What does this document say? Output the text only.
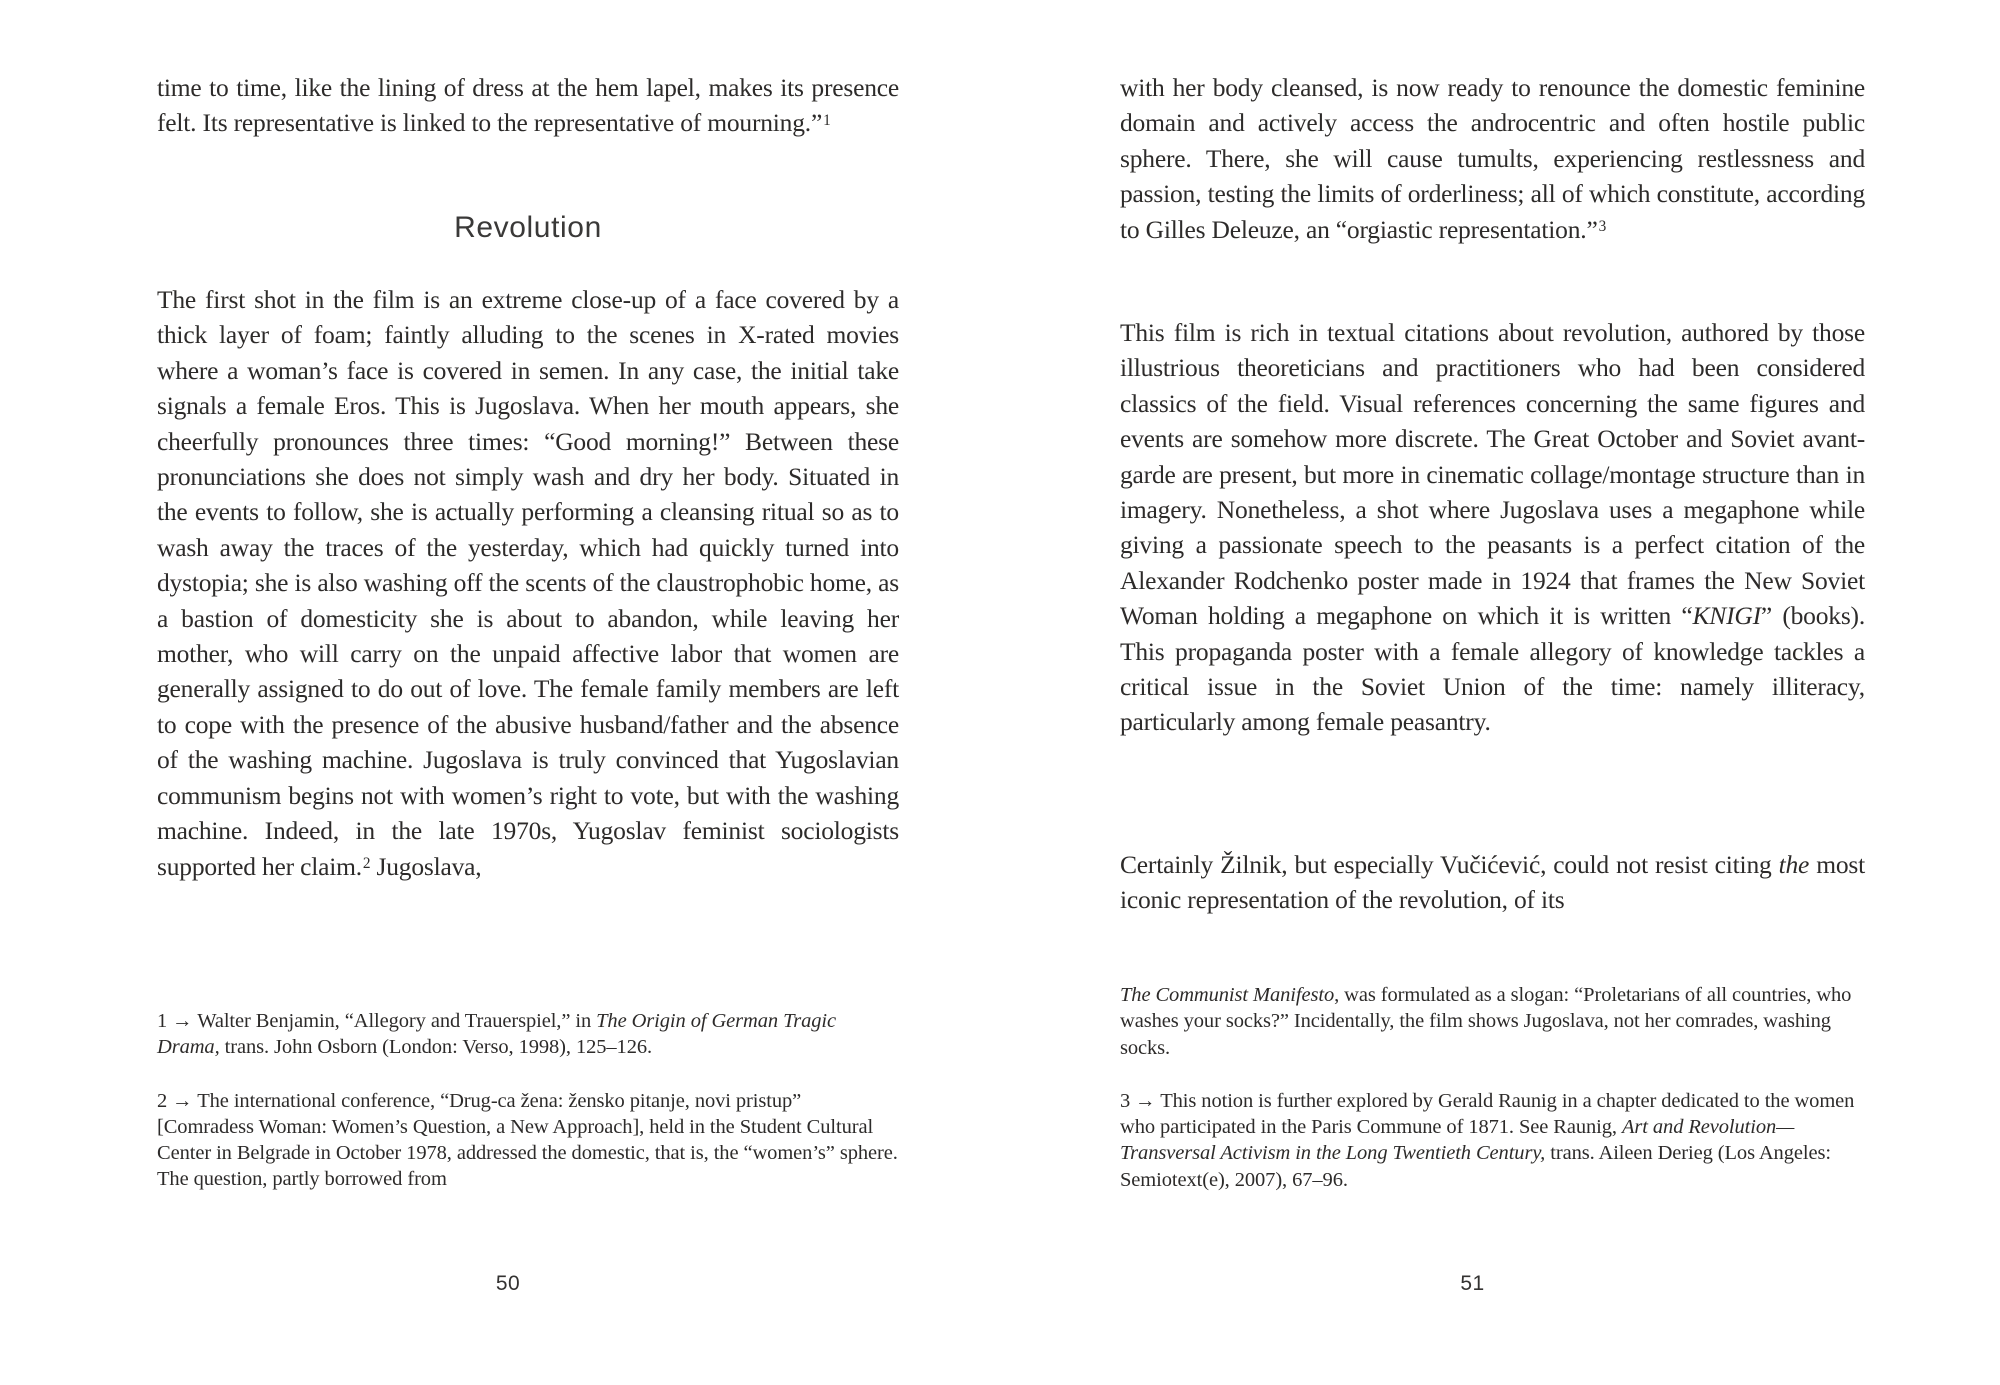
time to time, like the lining of dress at the hem lapel, makes its presence felt. Its representative is linked to the representative of mourning.”$^1$

Revolution

The first shot in the film is an extreme close-up of a face covered by a thick layer of foam; faintly alluding to the scenes in X-rated movies where a woman’s face is covered in semen. In any case, the initial take signals a female Eros. This is Jugoslava. When her mouth appears, she cheerfully pronounces three times: “Good morning!” Between these pronunciations she does not simply wash and dry her body. Situated in the events to follow, she is actually performing a cleansing ritual so as to wash away the traces of the yesterday, which had quickly turned into dystopia; she is also washing off the scents of the claustrophobic home, as a bastion of domesticity she is about to abandon, while leaving her mother, who will carry on the unpaid affective labor that women are generally assigned to do out of love. The female family members are left to cope with the presence of the abusive husband/father and the absence of the washing machine. Jugoslava is truly convinced that Yugoslavian communism begins not with women’s right to vote, but with the washing machine. Indeed, in the late 1970s, Yugoslav feminist sociologists supported her claim.$^2$ Jugoslava,

1 → Walter Benjamin, “Allegory and Trauerspiel,” in The Origin of German Tragic Drama, trans. John Osborn (London: Verso, 1998), 125–126.

2 → The international conference, “Drug-ca žena: žensko pitanje, novi pristup” [Comradess Woman: Women’s Question, a New Approach], held in the Student Cultural Center in Belgrade in October 1978, addressed the domestic, that is, the “women’s” sphere. The question, partly borrowed from

50

with her body cleansed, is now ready to renounce the domestic feminine domain and actively access the androcentric and often hostile public sphere. There, she will cause tumults, experiencing restlessness and passion, testing the limits of orderliness; all of which constitute, according to Gilles Deleuze, an “orgiastic representation.”$^3$

This film is rich in textual citations about revolution, authored by those illustrious theoreticians and practitioners who had been considered classics of the field. Visual references concerning the same figures and events are somehow more discrete. The Great October and Soviet avant-garde are present, but more in cinematic collage/montage structure than in imagery. Nonetheless, a shot where Jugoslava uses a megaphone while giving a passionate speech to the peasants is a perfect citation of the Alexander Rodchenko poster made in 1924 that frames the New Soviet Woman holding a megaphone on which it is written “KNIGI” (books). This propaganda poster with a female allegory of knowledge tackles a critical issue in the Soviet Union of the time: namely illiteracy, particularly among female peasantry.

Certainly Žilnik, but especially Vučićević, could not resist citing the most iconic representation of the revolution, of its

The Communist Manifesto, was formulated as a slogan: “Proletarians of all countries, who washes your socks?” Incidentally, the film shows Jugoslava, not her comrades, washing socks.

3 → This notion is further explored by Gerald Raunig in a chapter dedicated to the women who participated in the Paris Commune of 1871. See Raunig, Art and Revolution—Transversal Activism in the Long Twentieth Century, trans. Aileen Derieg (Los Angeles: Semiotext(e), 2007), 67–96.

51
